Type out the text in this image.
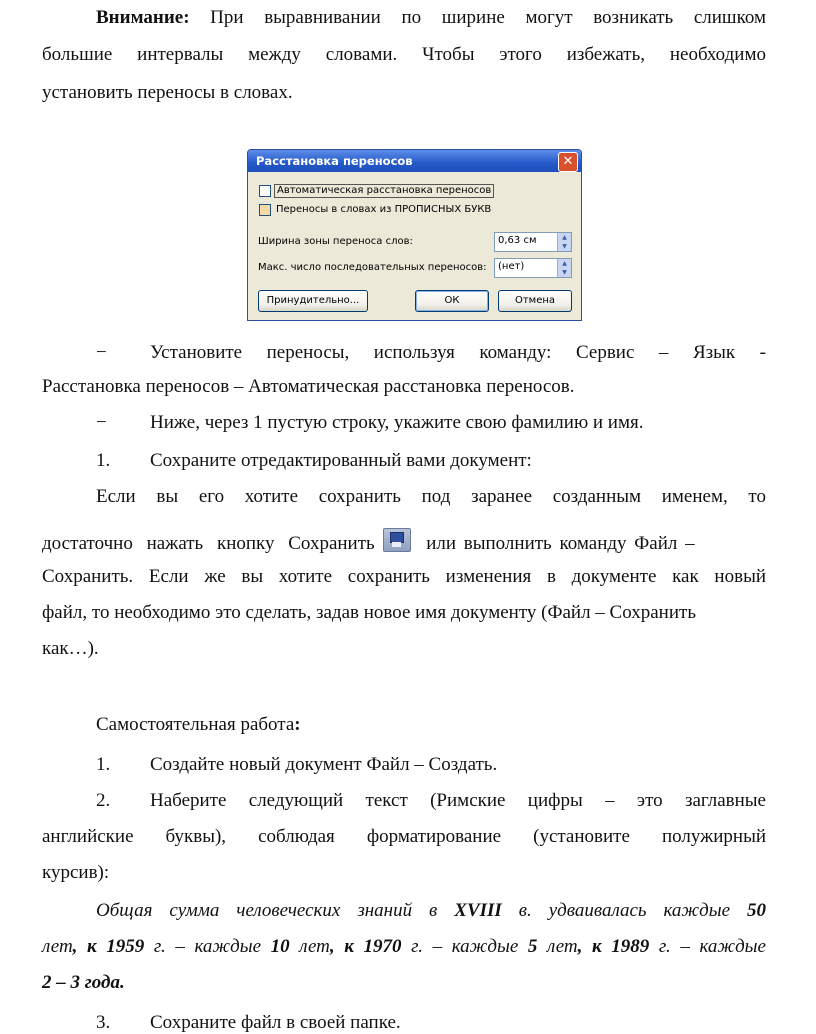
Внимание: При выравнивании по ширине могут возникать слишком
большие интервалы между словами. Чтобы этого избежать, необходимо
установить переносы в словах.
Расстановка переносов	✕
Автоматическая расстановка переносов
Переносы в словах из ПРОПИСНЫХ БУКВ
Ширина зоны переноса слов:	0,63 см	▲
▼
Макс. число последовательных переносов: (нет)	▲
▼
Принудительно...	ОК	Отмена
− Установите переносы, используя команду: Сервис – Язык -
Расстановка переносов – Автоматическая расстановка переносов.
− Ниже, через 1 пустую строку, укажите свою фамилию и имя.
1. Сохраните отредактированный вами документ:
Если вы его хотите сохранить под заранее созданным именем, то
достаточно нажать кнопку Сохранить	или выполнить команду Файл –
Сохранить. Если же вы хотите сохранить изменения в документе как новый
файл, то необходимо это сделать, задав новое имя документу (Файл – Сохранить
как…).
Самостоятельная работа:
1. Создайте новый документ Файл – Создать.
2. Наберите следующий текст (Римские цифры – это заглавные
английские буквы), соблюдая форматирование (установите полужирный
курсив):
Общая сумма человеческих знаний в XVIII в. удваивалась каждые 50
лет, к 1959 г. – каждые 10 лет, к 1970 г. – каждые 5 лет, к 1989 г. – каждые
2 – 3 года.
3. Сохраните файл в своей папке.
